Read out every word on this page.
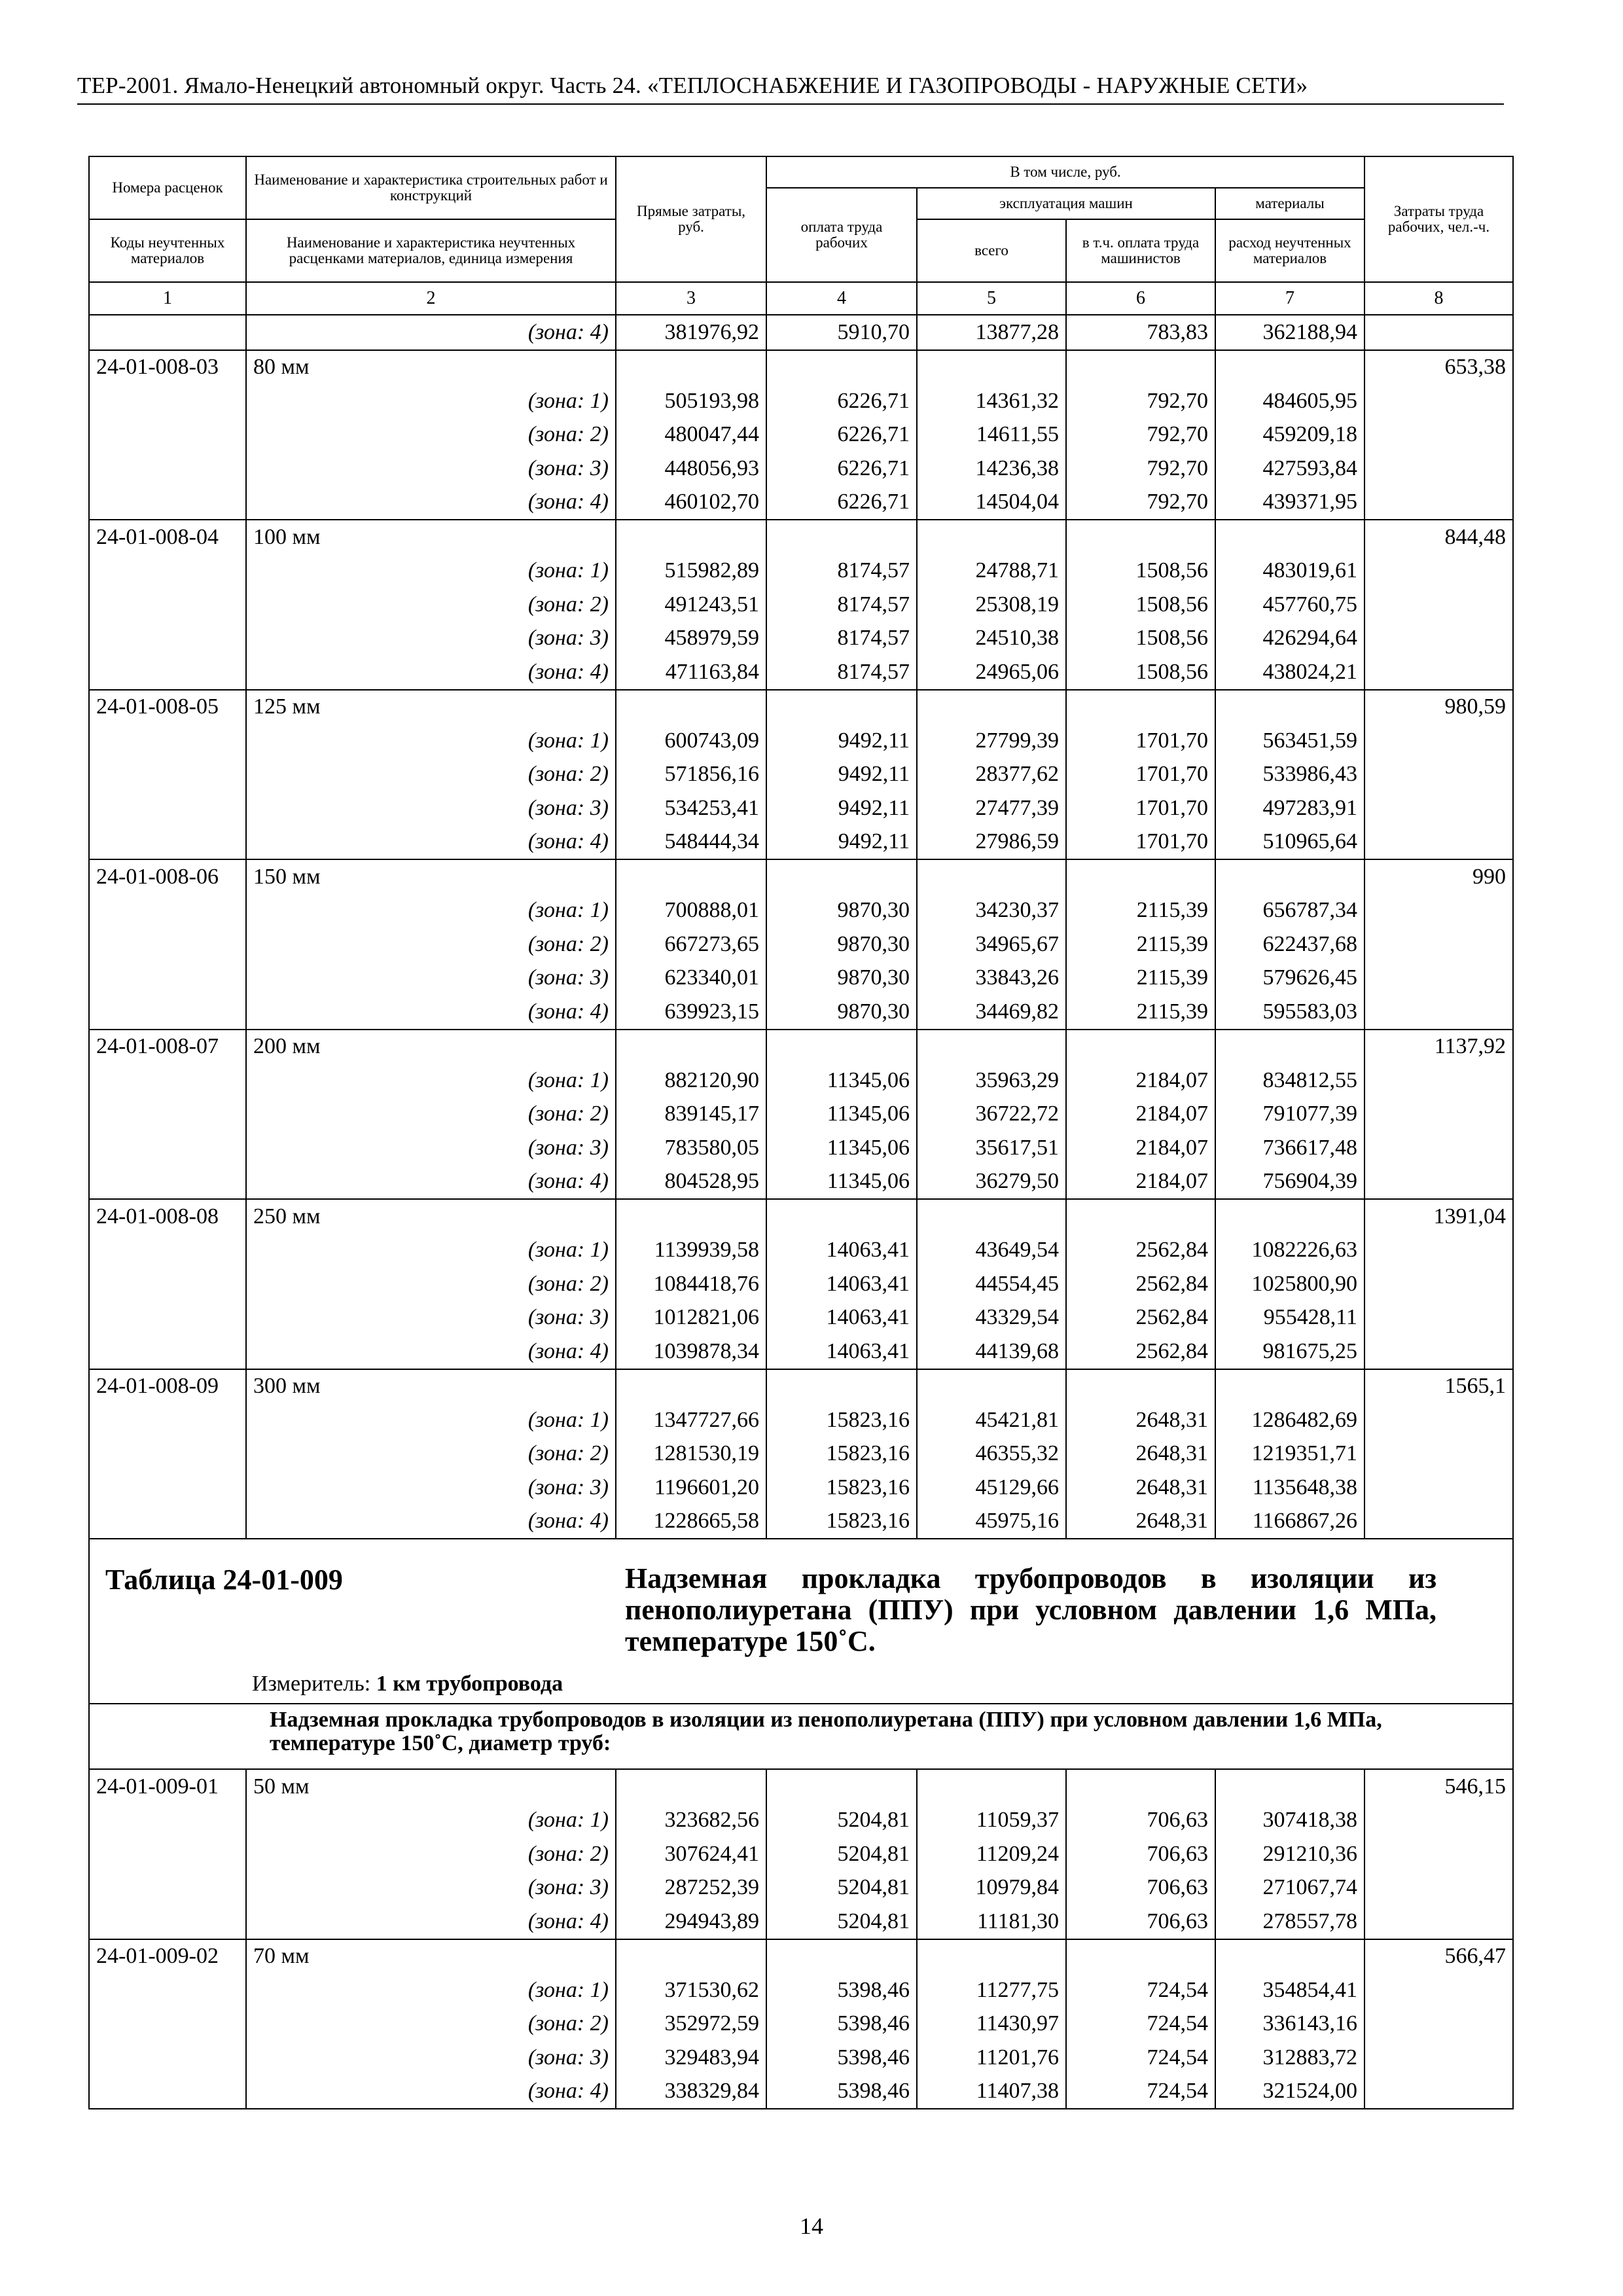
ТЕР-2001. Ямало-Ненецкий автономный округ. Часть 24. «ТЕПЛОСНАБЖЕНИЕ И ГАЗОПРОВОДЫ - НАРУЖНЫЕ СЕТИ»
Номера расценок	Наименование и характеристика строительных работ и конструкций	Прямые затраты, руб.	В том числе, руб.				Затраты труда рабочих, чел.-ч.
			оплата труда рабочих	эксплуатация машин		материалы	
Коды неучтенных материалов	Наименование и характеристика неучтенных расценками материалов, единица измерения			всего	в т.ч. оплата труда машинистов	расход неучтенных материалов	
1	2	3	4	5	6	7	8
	(зона: 4)	381976,92	5910,70	13877,28	783,83	362188,94	
24-01-008-03	80 мм						653,38
	(зона: 1)	505193,98	6226,71	14361,32	792,70	484605,95	
	(зона: 2)	480047,44	6226,71	14611,55	792,70	459209,18	
	(зона: 3)	448056,93	6226,71	14236,38	792,70	427593,84	
	(зона: 4)	460102,70	6226,71	14504,04	792,70	439371,95	
24-01-008-04	100 мм						844,48
	(зона: 1)	515982,89	8174,57	24788,71	1508,56	483019,61	
	(зона: 2)	491243,51	8174,57	25308,19	1508,56	457760,75	
	(зона: 3)	458979,59	8174,57	24510,38	1508,56	426294,64	
	(зона: 4)	471163,84	8174,57	24965,06	1508,56	438024,21	
24-01-008-05	125 мм						980,59
	(зона: 1)	600743,09	9492,11	27799,39	1701,70	563451,59	
	(зона: 2)	571856,16	9492,11	28377,62	1701,70	533986,43	
	(зона: 3)	534253,41	9492,11	27477,39	1701,70	497283,91	
	(зона: 4)	548444,34	9492,11	27986,59	1701,70	510965,64	
24-01-008-06	150 мм						990
	(зона: 1)	700888,01	9870,30	34230,37	2115,39	656787,34	
	(зона: 2)	667273,65	9870,30	34965,67	2115,39	622437,68	
	(зона: 3)	623340,01	9870,30	33843,26	2115,39	579626,45	
	(зона: 4)	639923,15	9870,30	34469,82	2115,39	595583,03	
24-01-008-07	200 мм						1137,92
	(зона: 1)	882120,90	11345,06	35963,29	2184,07	834812,55	
	(зона: 2)	839145,17	11345,06	36722,72	2184,07	791077,39	
	(зона: 3)	783580,05	11345,06	35617,51	2184,07	736617,48	
	(зона: 4)	804528,95	11345,06	36279,50	2184,07	756904,39	
24-01-008-08	250 мм						1391,04
	(зона: 1)	1139939,58	14063,41	43649,54	2562,84	1082226,63	
	(зона: 2)	1084418,76	14063,41	44554,45	2562,84	1025800,90	
	(зона: 3)	1012821,06	14063,41	43329,54	2562,84	955428,11	
	(зона: 4)	1039878,34	14063,41	44139,68	2562,84	981675,25	
24-01-008-09	300 мм						1565,1
	(зона: 1)	1347727,66	15823,16	45421,81	2648,31	1286482,69	
	(зона: 2)	1281530,19	15823,16	46355,32	2648,31	1219351,71	
	(зона: 3)	1196601,20	15823,16	45129,66	2648,31	1135648,38	
	(зона: 4)	1228665,58	15823,16	45975,16	2648,31	1166867,26	

Таблица 24-01-009 Надземная прокладка трубопроводов в изоляции из пенополиуретана (ППУ) при условном давлении 1,6 МПа, температуре 150˚С.
Измеритель: 1 км трубопровода							

	Надземная прокладка трубопроводов в изоляции из пенополиуретана (ППУ) при условном давлении 1,6 МПа, температуре 150˚С, диаметр труб:						
24-01-009-01	50 мм						546,15
	(зона: 1)	323682,56	5204,81	11059,37	706,63	307418,38	
	(зона: 2)	307624,41	5204,81	11209,24	706,63	291210,36	
	(зона: 3)	287252,39	5204,81	10979,84	706,63	271067,74	
	(зона: 4)	294943,89	5204,81	11181,30	706,63	278557,78	
24-01-009-02	70 мм						566,47
	(зона: 1)	371530,62	5398,46	11277,75	724,54	354854,41	
	(зона: 2)	352972,59	5398,46	11430,97	724,54	336143,16	
	(зона: 3)	329483,94	5398,46	11201,76	724,54	312883,72	
	(зона: 4)	338329,84	5398,46	11407,38	724,54	321524,00	
14
